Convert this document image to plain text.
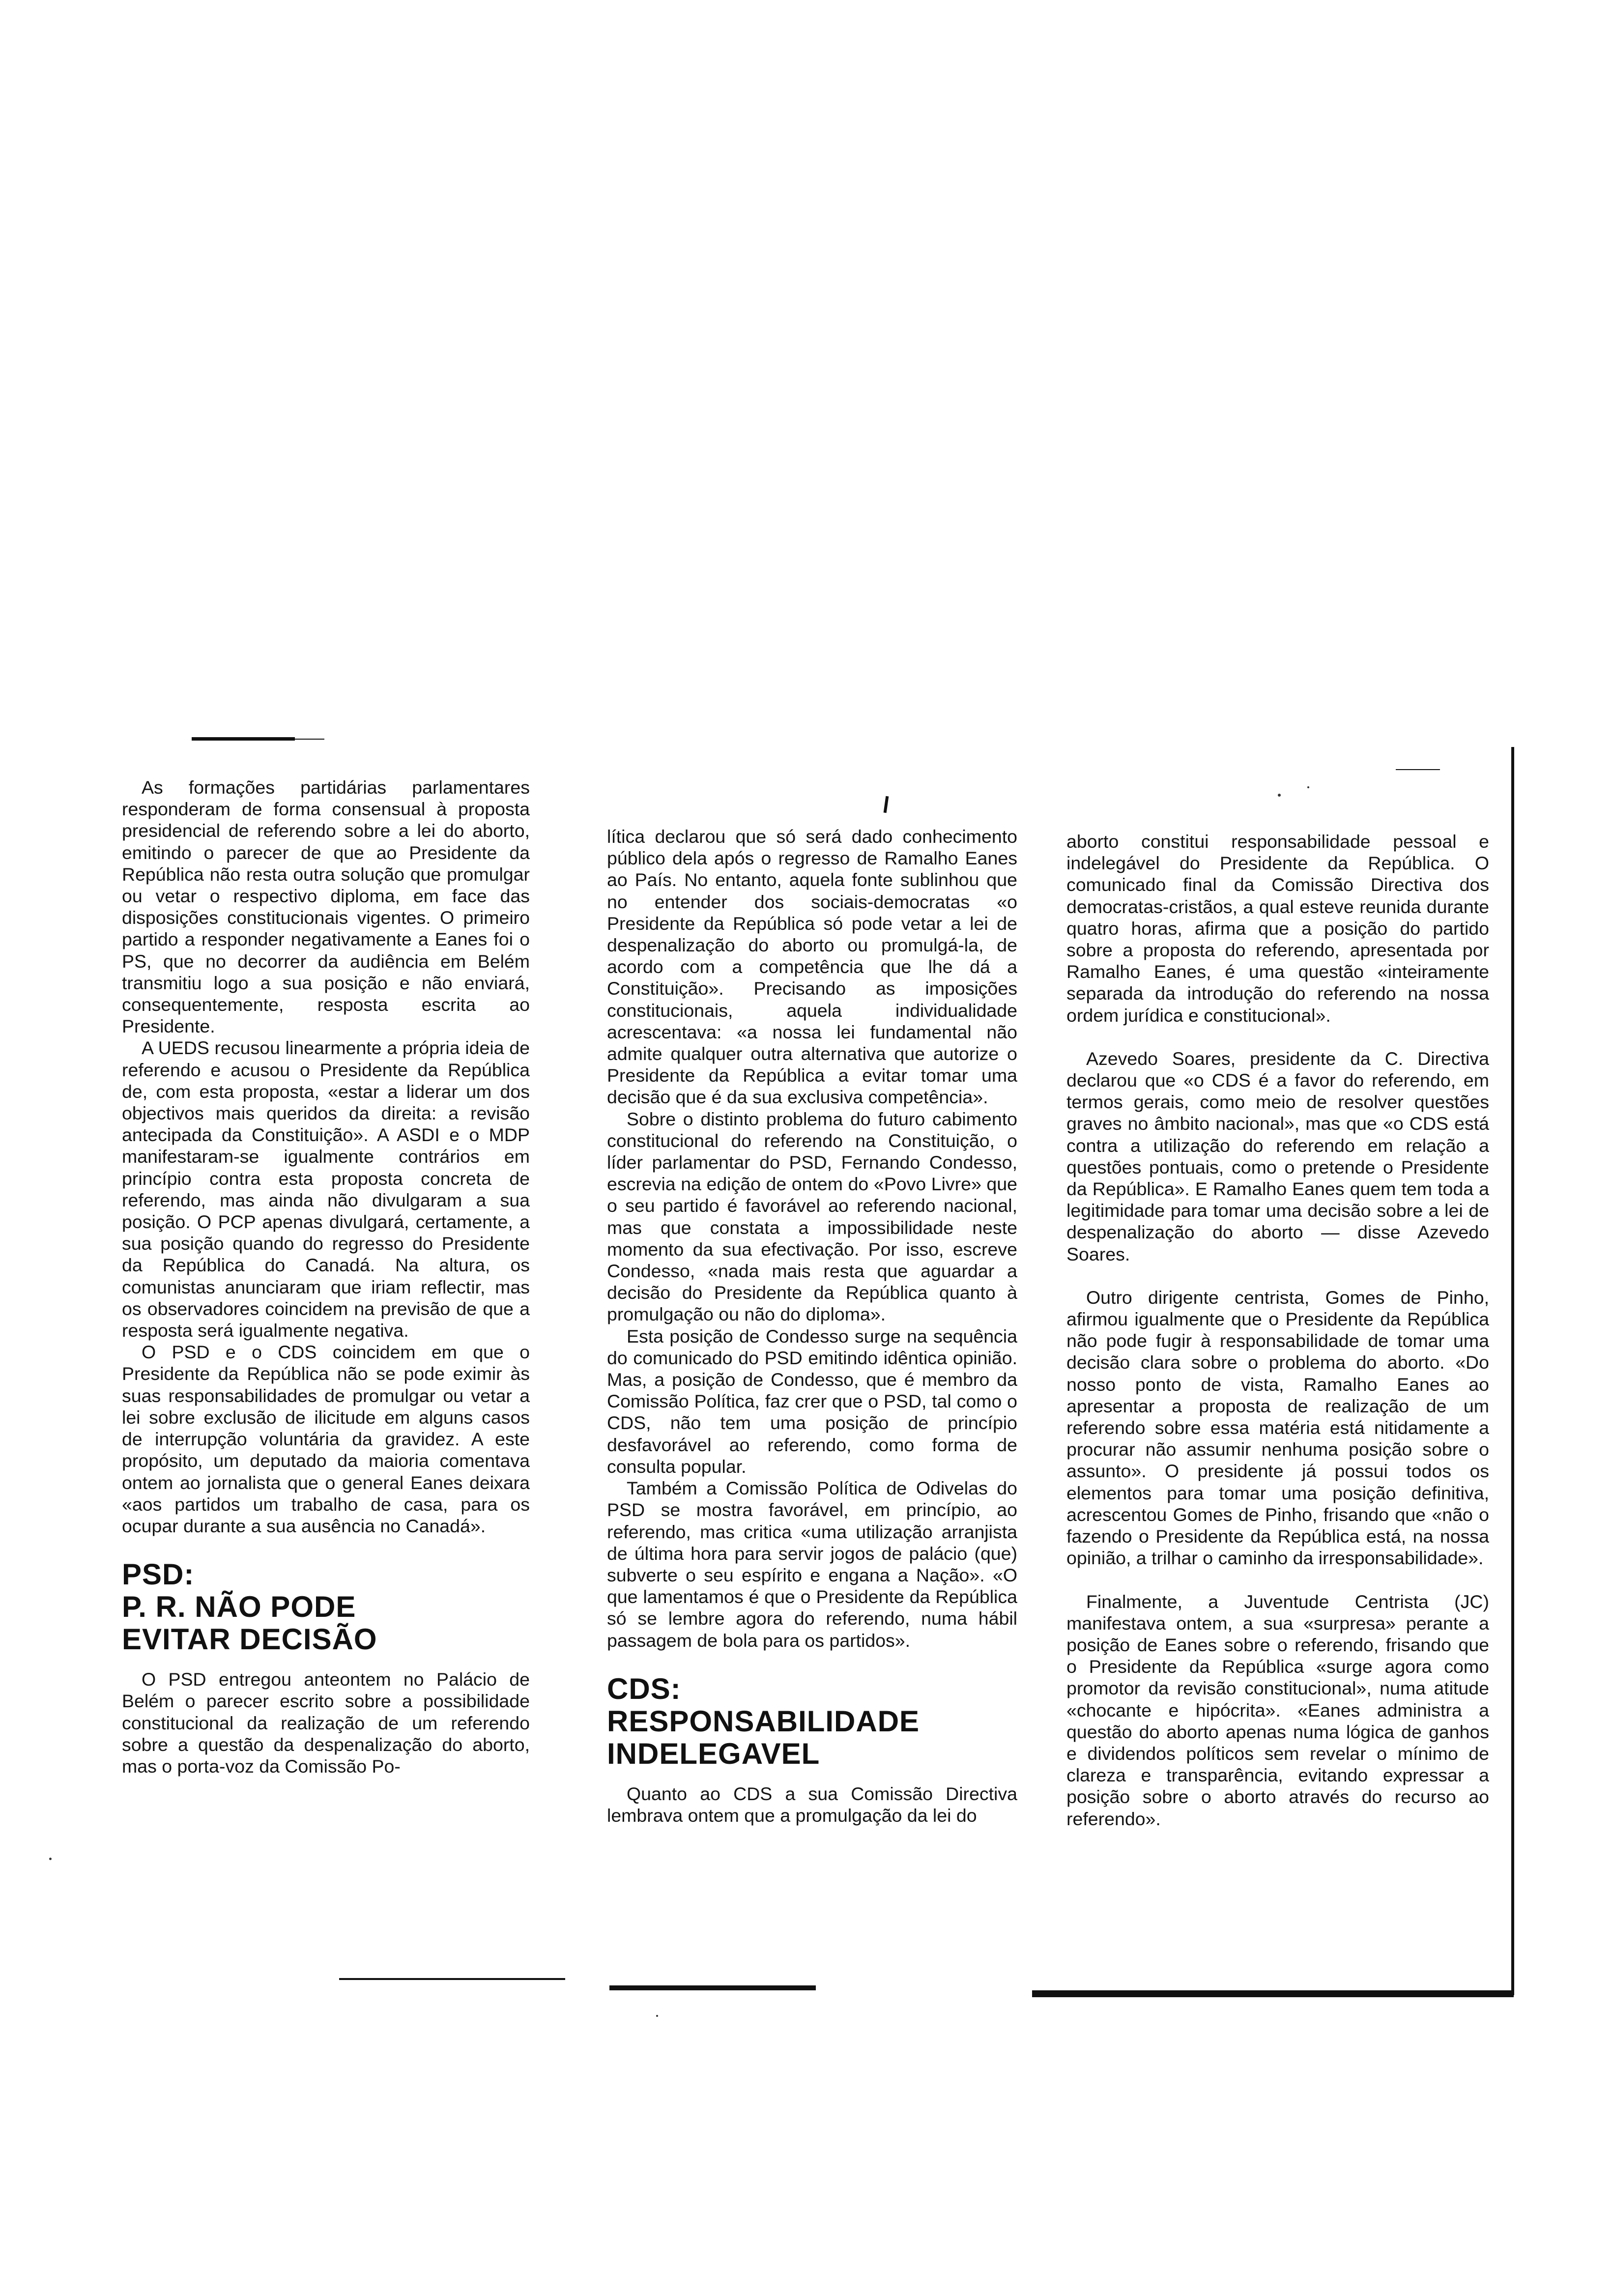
As formações partidárias parlamentares responderam de forma consensual à proposta presidencial de referendo sobre a lei do aborto, emitindo o parecer de que ao Presidente da República não resta outra solução que promulgar ou vetar o respectivo diploma, em face das disposições constitucionais vigentes. O primeiro partido a responder negativamente a Eanes foi o PS, que no decorrer da audiência em Belém transmitiu logo a sua posição e não enviará, consequentemente, resposta escrita ao Presidente.

A UEDS recusou linearmente a própria ideia de referendo e acusou o Presidente da República de, com esta proposta, «estar a liderar um dos objectivos mais queridos da direita: a revisão antecipada da Constituição». A ASDI e o MDP manifestaram-se igualmente contrários em princípio contra esta proposta concreta de referendo, mas ainda não divulgaram a sua posição. O PCP apenas divulgará, certamente, a sua posição quando do regresso do Presidente da República do Canadá. Na altura, os comunistas anunciaram que iriam reflectir, mas os observadores coincidem na previsão de que a resposta será igualmente negativa.

O PSD e o CDS coincidem em que o Presidente da República não se pode eximir às suas responsabilidades de promulgar ou vetar a lei sobre exclusão de ilicitude em alguns casos de interrupção voluntária da gravidez. A este propósito, um deputado da maioria comentava ontem ao jornalista que o general Eanes deixara «aos partidos um trabalho de casa, para os ocupar durante a sua ausência no Canadá».

PSD:
P. R. NÃO PODE
EVITAR DECISÃO

O PSD entregou anteontem no Palácio de Belém o parecer escrito sobre a possibilidade constitucional da realização de um referendo sobre a questão da despenalização do aborto, mas o porta-voz da Comissão Po-

lítica declarou que só será dado conhecimento público dela após o regresso de Ramalho Eanes ao País. No entanto, aquela fonte sublinhou que no entender dos sociais-democratas «o Presidente da República só pode vetar a lei de despenalização do aborto ou promulgá-la, de acordo com a competência que lhe dá a Constituição». Precisando as imposições constitucionais, aquela individualidade acrescentava: «a nossa lei fundamental não admite qualquer outra alternativa que autorize o Presidente da República a evitar tomar uma decisão que é da sua exclusiva competência».

Sobre o distinto problema do futuro cabimento constitucional do referendo na Constituição, o líder parlamentar do PSD, Fernando Condesso, escrevia na edição de ontem do «Povo Livre» que o seu partido é favorável ao referendo nacional, mas que constata a impossibilidade neste momento da sua efectivação. Por isso, escreve Condesso, «nada mais resta que aguardar a decisão do Presidente da República quanto à promulgação ou não do diploma».

Esta posição de Condesso surge na sequência do comunicado do PSD emitindo idêntica opinião. Mas, a posição de Condesso, que é membro da Comissão Política, faz crer que o PSD, tal como o CDS, não tem uma posição de princípio desfavorável ao referendo, como forma de consulta popular.

Também a Comissão Política de Odivelas do PSD se mostra favorável, em princípio, ao referendo, mas critica «uma utilização arranjista de última hora para servir jogos de palácio (que) subverte o seu espírito e engana a Nação». «O que lamentamos é que o Presidente da República só se lembre agora do referendo, numa hábil passagem de bola para os partidos».

CDS:
RESPONSABILIDADE
INDELEGAVEL

Quanto ao CDS a sua Comissão Directiva lembrava ontem que a promulgação da lei do

aborto constitui responsabilidade pessoal e indelegável do Presidente da República. O comunicado final da Comissão Directiva dos democratas-cristãos, a qual esteve reunida durante quatro horas, afirma que a posição do partido sobre a proposta do referendo, apresentada por Ramalho Eanes, é uma questão «inteiramente separada da introdução do referendo na nossa ordem jurídica e constitucional».

Azevedo Soares, presidente da C. Directiva declarou que «o CDS é a favor do referendo, em termos gerais, como meio de resolver questões graves no âmbito nacional», mas que «o CDS está contra a utilização do referendo em relação a questões pontuais, como o pretende o Presidente da República». E Ramalho Eanes quem tem toda a legitimidade para tomar uma decisão sobre a lei de despenalização do aborto — disse Azevedo Soares.

Outro dirigente centrista, Gomes de Pinho, afirmou igualmente que o Presidente da República não pode fugir à responsabilidade de tomar uma decisão clara sobre o problema do aborto. «Do nosso ponto de vista, Ramalho Eanes ao apresentar a proposta de realização de um referendo sobre essa matéria está nitidamente a procurar não assumir nenhuma posição sobre o assunto». O presidente já possui todos os elementos para tomar uma posição definitiva, acrescentou Gomes de Pinho, frisando que «não o fazendo o Presidente da República está, na nossa opinião, a trilhar o caminho da irresponsabilidade».

Finalmente, a Juventude Centrista (JC) manifestava ontem, a sua «surpresa» perante a posição de Eanes sobre o referendo, frisando que o Presidente da República «surge agora como promotor da revisão constitucional», numa atitude «chocante e hipócrita». «Eanes administra a questão do aborto apenas numa lógica de ganhos e dividendos políticos sem revelar o mínimo de clareza e transparência, evitando expressar a posição sobre o aborto através do recurso ao referendo».
